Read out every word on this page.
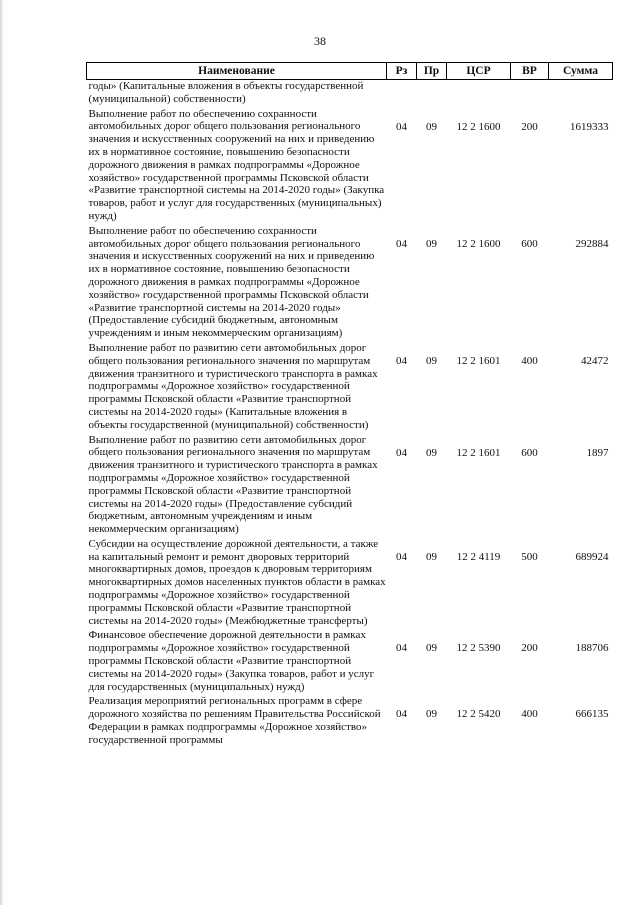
38
Наименование	Рз	Пр	ЦСР	ВР	Сумма
годы» (Капитальные вложения в объекты государственной (муниципальной) собственности)					
Выполнение работ по обеспечению сохранности автомобильных дорог общего пользования регионального значения и искусственных сооружений на них и приведению их в нормативное состояние, повышению безопасности дорожного движения в рамках подпрограммы «Дорожное хозяйство» государственной программы Псковской области «Развитие транспортной системы на 2014-2020 годы» (Закупка товаров, работ и услуг для государственных (муниципальных) нужд)	04	09	12 2 1600	200	1619333
Выполнение работ по обеспечению сохранности автомобильных дорог общего пользования регионального значения и искусственных сооружений на них и приведению их в нормативное состояние, повышению безопасности дорожного движения в рамках подпрограммы «Дорожное хозяйство» государственной программы Псковской области «Развитие транспортной системы на 2014-2020 годы» (Предоставление субсидий бюджетным, автономным учреждениям и иным некоммерческим организациям)	04	09	12 2 1600	600	292884
Выполнение работ по развитию сети автомобильных дорог общего пользования регионального значения по маршрутам движения транзитного и туристического транспорта в рамках подпрограммы «Дорожное хозяйство» государственной программы Псковской области «Развитие транспортной системы на 2014-2020 годы» (Капитальные вложения в объекты государственной (муниципальной) собственности)	04	09	12 2 1601	400	42472
Выполнение работ по развитию сети автомобильных дорог общего пользования регионального значения по маршрутам движения транзитного и туристического транспорта в рамках подпрограммы «Дорожное хозяйство» государственной программы Псковской области «Развитие транспортной системы на 2014-2020 годы» (Предоставление субсидий бюджетным, автономным учреждениям и иным некоммерческим организациям)	04	09	12 2 1601	600	1897
Субсидии на осуществление дорожной деятельности, а также на капитальный ремонт и ремонт дворовых территорий многоквартирных домов, проездов к дворовым территориям многоквартирных домов населенных пунктов области в рамках подпрограммы «Дорожное хозяйство» государственной программы Псковской области «Развитие транспортной системы на 2014-2020 годы» (Межбюджетные трансферты)	04	09	12 2 4119	500	689924
Финансовое обеспечение дорожной деятельности в рамках подпрограммы «Дорожное хозяйство» государственной программы Псковской области «Развитие транспортной системы на 2014-2020 годы» (Закупка товаров, работ и услуг для государственных (муниципальных) нужд)	04	09	12 2 5390	200	188706
Реализация мероприятий региональных программ в сфере дорожного хозяйства по решениям Правительства Российской Федерации в рамках подпрограммы «Дорожное хозяйство» государственной программы	04	09	12 2 5420	400	666135
